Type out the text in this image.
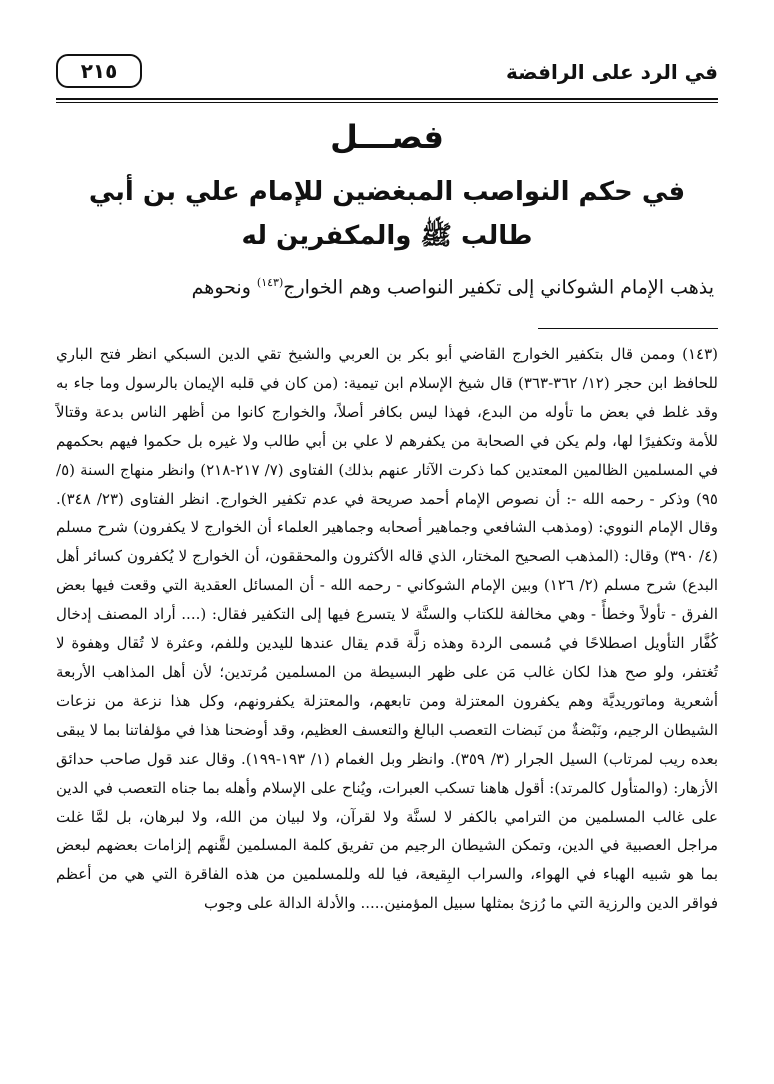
في الرد على الرافضة
٢١٥
فصـــل
في حكم النواصب المبغضين للإمام علي بن أبي طالب ﷺ والمكفرين له
يذهب الإمام الشوكاني إلى تكفير النواصب وهم الخوارج$^{(١٤٣)}$ ونحوهم
(١٤٣) وممن قال بتكفير الخوارج القاضي أبو بكر بن العربي والشيخ تقي الدين السبكي انظر فتح الباري للحافظ ابن حجر (١٢/ ٣٦٢-٣٦٣) قال شيخ الإسلام ابن تيمية: (من كان في قلبه الإيمان بالرسول وما جاء به وقد غلط في بعض ما تأوله من البدع، فهذا ليس بكافر أصلاً، والخوارج كانوا من أظهر الناس بدعة وقتالاً للأمة وتكفيرًا لها، ولم يكن في الصحابة من يكفرهم لا علي بن أبي طالب ولا غيره بل حكموا فيهم بحكمهم في المسلمين الظالمين المعتدين كما ذكرت الآثار عنهم بذلك) الفتاوى (٧/ ٢١٧-٢١٨) وانظر منهاج السنة (٥/ ٩٥) وذكر - رحمه الله -: أن نصوص الإمام أحمد صريحة في عدم تكفير الخوارج. انظر الفتاوى (٢٣/ ٣٤٨). وقال الإمام النووي: (ومذهب الشافعي وجماهير أصحابه وجماهير العلماء أن الخوارج لا يكفرون) شرح مسلم (٤/ ٣٩٠) وقال: (المذهب الصحيح المختار، الذي قاله الأكثرون والمحققون، أن الخوارج لا يُكفرون كسائر أهل البدع) شرح مسلم (٢/ ١٢٦) وبين الإمام الشوكاني - رحمه الله - أن المسائل العقدية التي وقعت فيها بعض الفرق - تأولاً وخطأً - وهي مخالفة للكتاب والسنَّة لا يتسرع فيها إلى التكفير فقال: (.... أراد المصنف إدخال كُفَّار التأويل اصطلاحًا في مُسمى الردة وهذه زلَّة قدم يقال عندها لليدين وللفم، وعثرة لا تُقال وهفوة لا تُغتفر، ولو صح هذا لكان غالب مَن على ظهر البسيطة من المسلمين مُرتدين؛ لأن أهل المذاهب الأربعة أشعرية وماتوريديَّة وهم يكفرون المعتزلة ومن تابعهم، والمعتزلة يكفرونهم، وكل هذا نزعة من نزعات الشيطان الرجيم، ونَبْضةٌ من نَبضات التعصب البالغ والتعسف العظيم، وقد أوضحنا هذا في مؤلفاتنا بما لا يبقى بعده ريب لمرتاب) السيل الجرار (٣/ ٣٥٩). وانظر وبل الغمام (١/ ١٩٣-١٩٩). وقال عند قول صاحب حدائق الأزهار: (والمتأول كالمرتد): أقول هاهنا تسكب العبرات، ويُناح على الإسلام وأهله بما جناه التعصب في الدين على غالب المسلمين من الترامي بالكفر لا لسنَّة ولا لقرآن، ولا لبيان من الله، ولا لبرهان، بل لمَّا غلت مراجل العصبية في الدين، وتمكن الشيطان الرجيم من تفريق كلمة المسلمين لقَّنهم إلزامات بعضهم لبعض بما هو شبيه الهباء في الهواء، والسراب البِقيعة، فيا لله وللمسلمين من هذه الفاقرة التي هي من أعظم فواقر الدين والرزية التي ما رُزئ بمثلها سبيل المؤمنين..... والأدلة الدالة على وجوب
